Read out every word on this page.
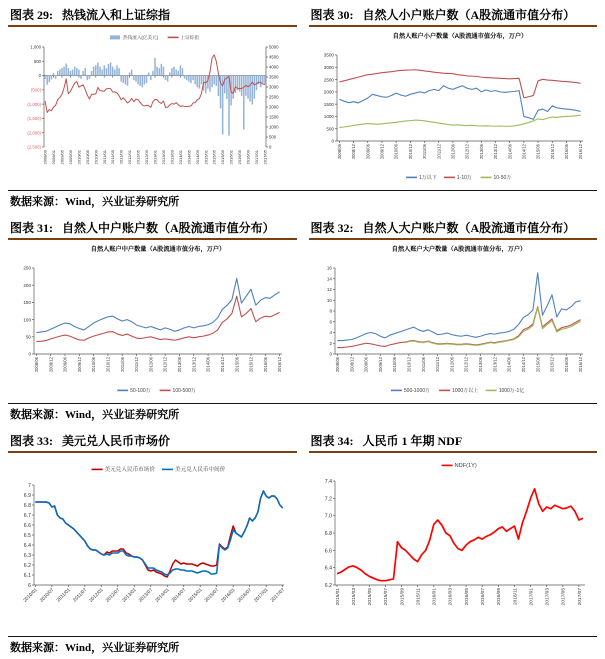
图表 29: 热钱流入和上证综指
1,000
500
0
(500)
(1,000)
(1,500)
(2,000)
(2,500)
5000
4500
4000
3500
3000
2500
2000
1500
1000
500
0
2008/09 2009/01 2009/05 2009/09 2010/01 2010/05 2010/09 2011/01 2011/05 2011/09 2012/01 2012/05 2012/09 2013/01 2013/05 2013/09 2014/01 2014/05 2014/09 2015/01 2015/05 2015/09 2016/01 2016/05 2016/09 2017/01 2017/05
热钱流入(亿美元)	上证综指
图表 30: 自然人小户账户数（A股流通市值分布）
自然人账户小户数量（A股流通市值分布，万户）
0
500
1000
1500
2000
2500
3000
3500
2008/06 2008/12 2009/06 2009/12 2010/06 2010/12 2011/06 2011/12 2012/06 2012/12 2013/06 2013/12 2014/06 2014/12 2015/06 2015/12 2016/06 2016/12
1万以下	1-10万	10-50万
数据来源：Wind，兴业证券研究所
图表 31: 自然人中户账户数（A股流通市值分布）
自然人账户中户数量（A股流通市值分布，万户）
0
50
100
150
200
250
2008/06 2008/12 2009/06 2009/12 2010/06 2010/12 2011/06 2011/12 2012/06 2012/12 2013/06 2013/12 2014/06 2014/12 2015/06 2015/12 2016/06 2016/12
50-100万	100-500万
图表 32: 自然人大户账户数（A股流通市值分布）
自然人账户大户数量（A股流通市值分布，万户）
0
2
4
6
8
10
12
14
16
2008/06 2008/12 2009/06 2009/12 2010/06 2010/12 2011/06 2011/12 2012/06 2012/12 2013/06 2013/12 2014/06 2014/12 2015/06 2015/12 2016/06 2016/12
500-1000万	1000万以上	1000万-1亿
数据来源：Wind，兴业证券研究所
图表 33: 美元兑人民币市场价
6
6.1
6.2
6.3
6.4
6.5
6.6
6.7
6.8
6.9
7
2010/01 2010/07 2011/01 2011/07 2012/01 2012/07 2013/01 2013/07 2014/01 2014/07 2015/01 2015/07 2016/01 2016/07 2017/01 2017/07
美元兑人民币市场价	美元兑人民币中间价
图表 34: 人民币 1 年期 NDF
6.2
6.4
6.6
6.8
7.0
7.2
7.4
2015/01 2015/03 2015/05 2015/07 2015/09 2015/11 2016/01 2016/03 2016/05 2016/07 2016/09 2016/11 2017/01 2017/03 2017/05 2017/07
NDF(1Y)
数据来源：Wind，兴业证券研究所
